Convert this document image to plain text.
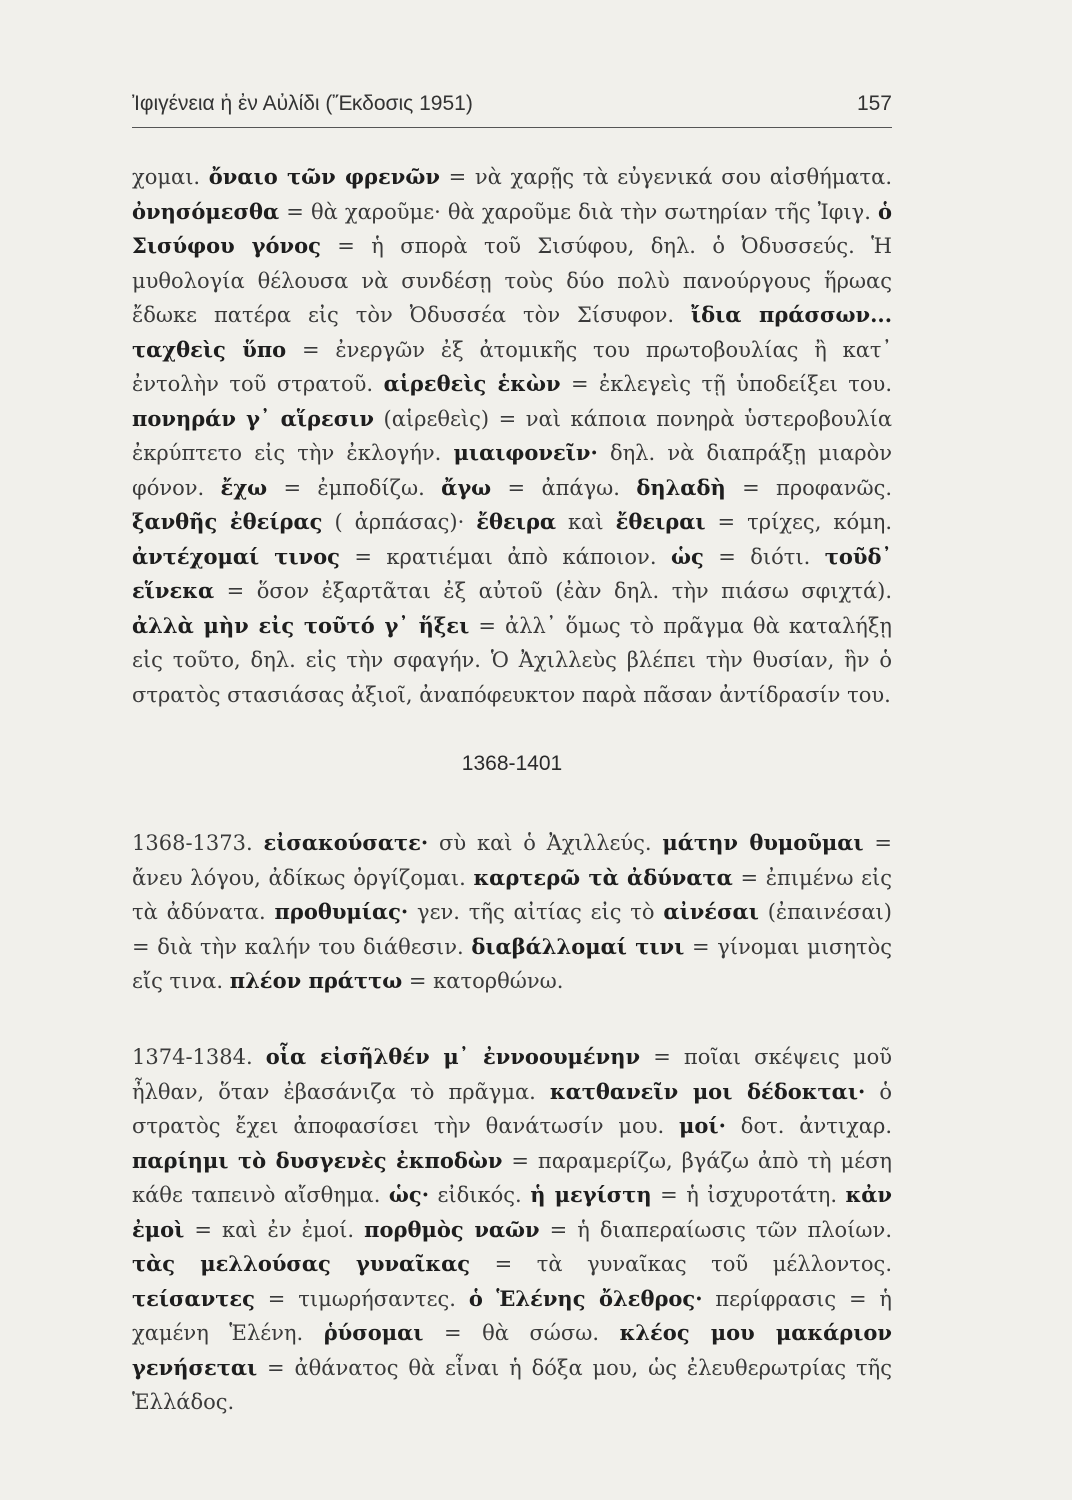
Ἰφιγένεια ἡ ἐν Αὐλίδι (Ἔκδοσις 1951)	157
χομαι. ὄναιο τῶν φρενῶν = νὰ χαρῇς τὰ εὐγενικά σου αἰσθήματα. ὀνησόμεσθα = θὰ χαροῦμε· θὰ χαροῦμε διὰ τὴν σωτηρίαν τῆς Ἰφιγ. ὁ Σισύφου γόνος = ἡ σπορὰ τοῦ Σισύφου, δηλ. ὁ Ὀδυσσεύς. Ἡ μυθολογία θέλουσα νὰ συνδέσῃ τοὺς δύο πολὺ πανούργους ἥρωας ἔδωκε πατέρα εἰς τὸν Ὀδυσσέα τὸν Σίσυφον. ἴδια πράσσων... ταχθεὶς ὕπο = ἐνεργῶν ἐξ ἀτομικῆς του πρωτοβουλίας ἢ κατ᾽ ἐντολὴν τοῦ στρατοῦ. αἱρεθεὶς ἑκὼν = ἐκλεγεὶς τῇ ὑποδείξει του. πονηράν γ᾽ αἵρεσιν (αἱρεθεὶς) = ναὶ κάποια πονηρὰ ὑστεροβουλία ἐκρύπτετο εἰς τὴν ἐκλογήν. μιαιφονεῖν· δηλ. νὰ διαπράξῃ μιαρὸν φόνον. ἔχω = ἐμποδίζω. ἄγω = ἀπάγω. δηλαδὴ = προφανῶς. ξανθῆς ἐθείρας ( ἁρπάσας)· ἔθειρα καὶ ἔθειραι = τρίχες, κόμη. ἀντέχομαί τινος = κρατιέμαι ἀπὸ κάποιον. ὡς = διότι. τοῦδ᾽ εἵνεκα = ὅσον ἐξαρτᾶται ἐξ αὐτοῦ (ἐὰν δηλ. τὴν πιάσω σφιχτά). ἀλλὰ μὴν εἰς τοῦτό γ᾽ ἥξει = ἀλλ᾽ ὅμως τὸ πρᾶγμα θὰ καταλήξῃ εἰς τοῦτο, δηλ. εἰς τὴν σφαγήν. Ὁ Ἀχιλλεὺς βλέπει τὴν θυσίαν, ἣν ὁ στρατὸς στασιάσας ἀξιοῖ, ἀναπόφευκτον παρὰ πᾶσαν ἀντίδρασίν του.
1368-1401
1368-1373. εἰσακούσατε· σὺ καὶ ὁ Ἀχιλλεύς. μάτην θυμοῦμαι = ἄνευ λόγου, ἀδίκως ὀργίζομαι. καρτερῶ τὰ ἀδύνατα = ἐπιμένω εἰς τὰ ἀδύνατα. προθυμίας· γεν. τῆς αἰτίας εἰς τὸ αἰνέσαι (ἐπαινέσαι) = διὰ τὴν καλήν του διάθεσιν. διαβάλλομαί τινι = γίνομαι μισητὸς εἴς τινα. πλέον πράττω = κατορθώνω.
1374-1384. οἷα εἰσῆλθέν μ᾽ ἐννοουμένην = ποῖαι σκέψεις μοῦ ἦλθαν, ὅταν ἐβασάνιζα τὸ πρᾶγμα. κατθανεῖν μοι δέδοκται· ὁ στρατὸς ἔχει ἀποφασίσει τὴν θανάτωσίν μου. μοί· δοτ. ἀντιχαρ. παρίημι τὸ δυσγενὲς ἐκποδὼν = παραμερίζω, βγάζω ἀπὸ τὴ μέση κάθε ταπεινὸ αἴσθημα. ὡς· εἰδικός. ἡ μεγίστη = ἡ ἰσχυροτάτη. κἀν ἐμοὶ = καὶ ἐν ἐμοί. πορθμὸς ναῶν = ἡ διαπεραίωσις τῶν πλοίων. τὰς μελλούσας γυναῖκας = τὰ γυναῖκας τοῦ μέλλοντος. τείσαντες = τιμωρήσαντες. ὁ Ἑλένης ὄλεθρος· περίφρασις = ἡ χαμένη Ἑλένη. ῥύσομαι = θὰ σώσω. κλέος μου μακάριον γενήσεται = ἀθάνατος θὰ εἶναι ἡ δόξα μου, ὡς ἐλευθερωτρίας τῆς Ἑλλάδος.
